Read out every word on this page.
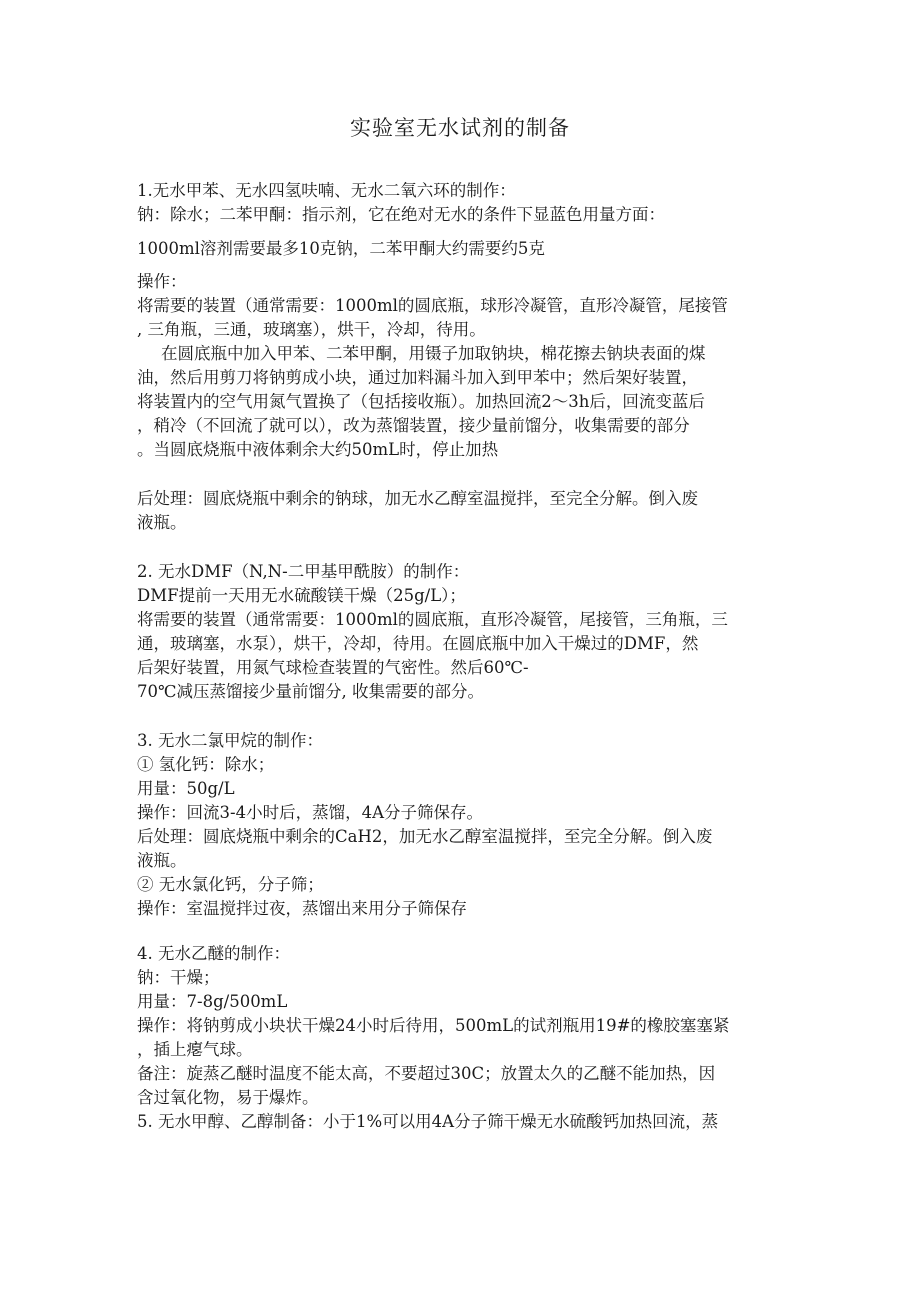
实验室无水试剂的制备
1.无水甲苯、无水四氢呋喃、无水二氧六环的制作：
钠：除水；二苯甲酮：指示剂，它在绝对无水的条件下显蓝色用量方面：
1000ml溶剂需要最多10克钠，二苯甲酮大约需要约5克
操作：
将需要的装置（通常需要：1000ml的圆底瓶，球形冷凝管，直形冷凝管，尾接管
, 三角瓶，三通，玻璃塞），烘干，冷却，待用。
在圆底瓶中加入甲苯、二苯甲酮，用镊子加取钠块，棉花擦去钠块表面的煤
油，然后用剪刀将钠剪成小块，通过加料漏斗加入到甲苯中；然后架好装置，
将装置内的空气用氮气置换了（包括接收瓶）。加热回流2～3h后，回流变蓝后
，稍冷（不回流了就可以），改为蒸馏装置，接少量前馏分，收集需要的部分
。当圆底烧瓶中液体剩余大约50mL时，停止加热
后处理：圆底烧瓶中剩余的钠球，加无水乙醇室温搅拌，至完全分解。倒入废
液瓶。
2. 无水DMF（N,N-二甲基甲酰胺）的制作：
DMF提前一天用无水硫酸镁干燥（25g/L）；
将需要的装置（通常需要：1000ml的圆底瓶，直形冷凝管，尾接管，三角瓶，三
通，玻璃塞，水泵），烘干，冷却，待用。在圆底瓶中加入干燥过的DMF，然
后架好装置，用氮气球检查装置的气密性。然后60℃-
70℃减压蒸馏接少量前馏分, 收集需要的部分。
3. 无水二氯甲烷的制作：
① 氢化钙：除水；
用量：50g/L
操作：回流3-4小时后，蒸馏，4A分子筛保存。
后处理：圆底烧瓶中剩余的CaH2，加无水乙醇室温搅拌，至完全分解。倒入废
液瓶。
② 无水氯化钙，分子筛；
操作：室温搅拌过夜，蒸馏出来用分子筛保存
4. 无水乙醚的制作：
钠：干燥；
用量：7-8g/500mL
操作：将钠剪成小块状干燥24小时后待用，500mL的试剂瓶用19#的橡胶塞塞紧
，插上瘪气球。
备注：旋蒸乙醚时温度不能太高，不要超过30C；放置太久的乙醚不能加热，因
含过氧化物，易于爆炸。
5. 无水甲醇、乙醇制备：小于1%可以用4A分子筛干燥无水硫酸钙加热回流，蒸
